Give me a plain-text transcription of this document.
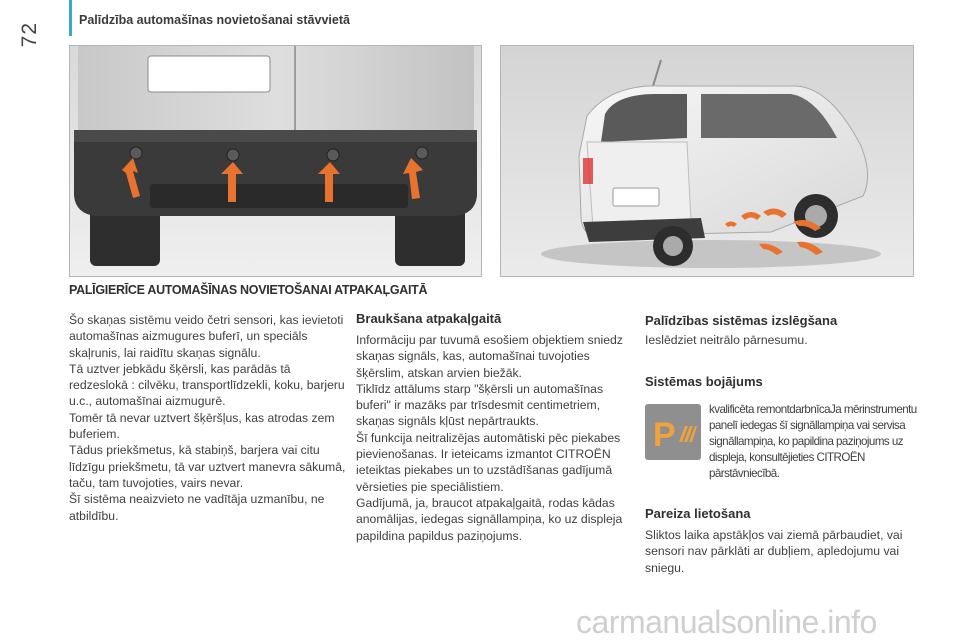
72
Palīdzība automašīnas novietošanai stāvvietā
PALĪGIERĪCE AUTOMAŠĪNAS NOVIETOŠANAI ATPAKAĻGAITĀ

Šo skaņas sistēmu veido četri sensori, kas ievietoti automašīnas aizmugures buferī, un speciāls skaļrunis, lai raidītu skaņas signālu.

Tā uztver jebkādu šķērsli, kas parādās tā redzeslokā : cilvēku, transportlīdzekli, koku, barjeru u.c., automašīnai aizmugurē.

Tomēr tā nevar uztvert šķēršļus, kas atrodas zem buferiem.

Tādus priekšmetus, kā stabiņš, barjera vai citu līdzīgu priekšmetu, tā var uztvert manevra sākumā, taču, tam tuvojoties, vairs nevar.

Šī sistēma neaizvieto ne vadītāja uzmanību, ne atbildību.

Braukšana atpakaļgaitā

Informāciju par tuvumā esošiem objektiem sniedz skaņas signāls, kas, automašīnai tuvojoties šķērslim, atskan arvien biežāk.

Tiklīdz attālums starp "šķērsli un automašīnas buferi" ir mazāks par trīsdesmit centimetriem, skaņas signāls kļūst nepārtraukts.

Šī funkcija neitralizējas automātiski pēc piekabes pievienošanas. Ir ieteicams izmantot CITROËN ieteiktas piekabes un to uzstādīšanas gadījumā vērsieties pie speciālistiem.

Gadījumā, ja, braucot atpakaļgaitā, rodas kādas anomālijas, iedegas signāllampiņa, ko uz displeja papildina papildus paziņojums.

Palīdzības sistēmas izslēgšana
Ieslēdziet neitrālo pārnesumu.
Sistēmas bojājums
P
kvalificēta remontdarbnīcaJa mērinstrumentu panelī iedegas šī signāllampiņa vai servisa signāllampiņa, ko papildina paziņojums uz displeja, konsultējieties CITROËN pārstāvniecībā.
Pareiza lietošana
Sliktos laika apstākļos vai ziemā pārbaudiet, vai sensori nav pārklāti ar dubļiem, apledojumu vai sniegu.
carmanualsonline.info
